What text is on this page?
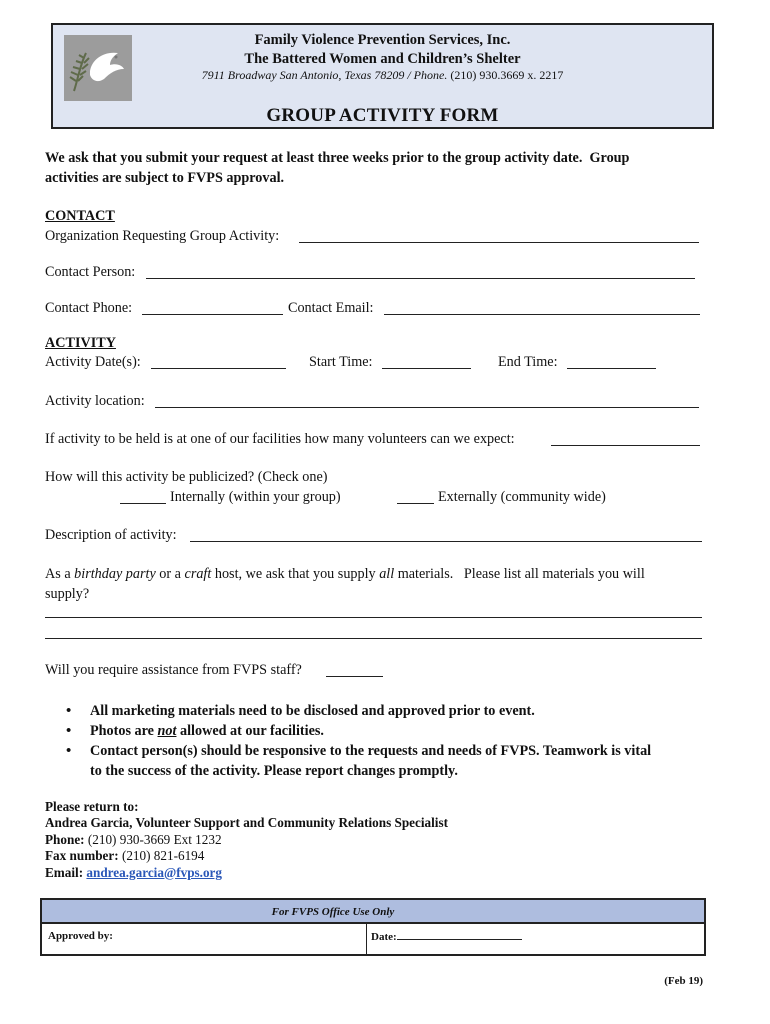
Family Violence Prevention Services, Inc.
The Battered Women and Children’s Shelter
7911 Broadway San Antonio, Texas 78209 / Phone. (210) 930.3669 x. 2217
GROUP ACTIVITY FORM
We ask that you submit your request at least three weeks prior to the group activity date.  Group
activities are subject to FVPS approval.
CONTACT
Organization Requesting Group Activity:
Contact Person:
Contact Phone:	Contact Email:
ACTIVITY
Activity Date(s):	Start Time:	End Time:
Activity location:
If activity to be held is at one of our facilities how many volunteers can we expect:
How will this activity be publicized? (Check one)
Internally (within your group)	Externally (community wide)
Description of activity:
As a birthday party or a craft host, we ask that you supply all materials.   Please list all materials you will
supply?
Will you require assistance from FVPS staff?
• All marketing materials need to be disclosed and approved prior to event.
• Photos are not allowed at our facilities.
• Contact person(s) should be responsive to the requests and needs of FVPS. Teamwork is vital
to the success of the activity. Please report changes promptly.
Please return to:
Andrea Garcia, Volunteer Support and Community Relations Specialist
Phone: (210) 930-3669 Ext 1232
Fax number: (210) 821-6194
Email: andrea.garcia@fvps.org
For FVPS Office Use Only
Approved by:	Date:
(Feb 19)
